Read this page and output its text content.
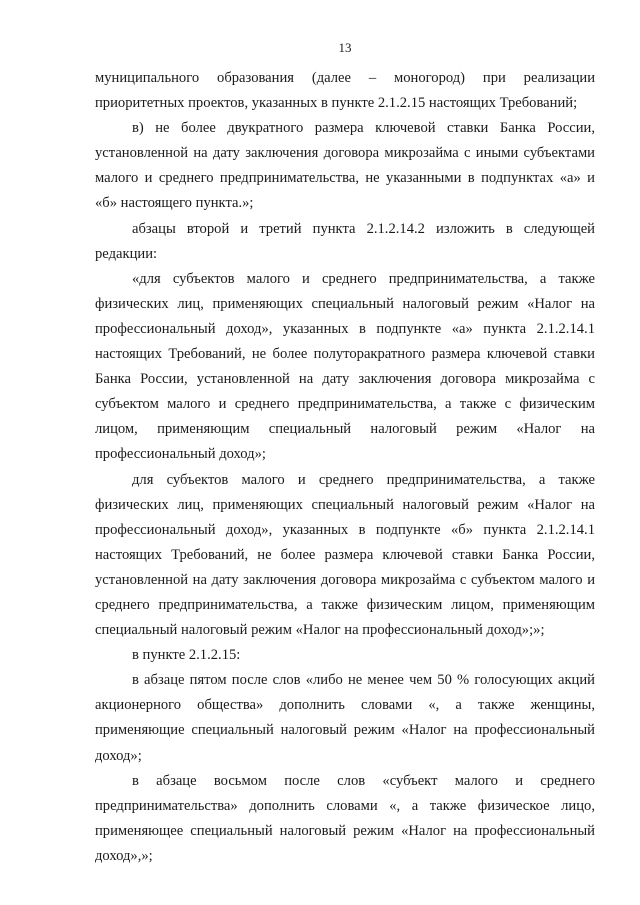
13

муниципального образования (далее – моногород) при реализации приоритетных проектов, указанных в пункте 2.1.2.15 настоящих Требований;

в) не более двукратного размера ключевой ставки Банка России, установленной на дату заключения договора микрозайма с иными субъектами малого и среднего предпринимательства, не указанными в подпунктах «а» и «б» настоящего пункта.»;

абзацы второй и третий пункта 2.1.2.14.2 изложить в следующей редакции:

«для субъектов малого и среднего предпринимательства, а также физических лиц, применяющих специальный налоговый режим «Налог на профессиональный доход», указанных в подпункте «а» пункта 2.1.2.14.1 настоящих Требований, не более полуторакратного размера ключевой ставки Банка России, установленной на дату заключения договора микрозайма с субъектом малого и среднего предпринимательства, а также с физическим лицом, применяющим специальный налоговый режим «Налог на профессиональный доход»;

для субъектов малого и среднего предпринимательства, а также физических лиц, применяющих специальный налоговый режим «Налог на профессиональный доход», указанных в подпункте «б» пункта 2.1.2.14.1 настоящих Требований, не более размера ключевой ставки Банка России, установленной на дату заключения договора микрозайма с субъектом малого и среднего предпринимательства, а также физическим лицом, применяющим специальный налоговый режим «Налог на профессиональный доход»;»;

в пункте 2.1.2.15:

в абзаце пятом после слов «либо не менее чем 50 % голосующих акций акционерного общества» дополнить словами «, а также женщины, применяющие специальный налоговый режим «Налог на профессиональный доход»;

в абзаце восьмом после слов «субъект малого и среднего предпринимательства» дополнить словами «, а также физическое лицо, применяющее специальный налоговый режим «Налог на профессиональный доход»,»;
